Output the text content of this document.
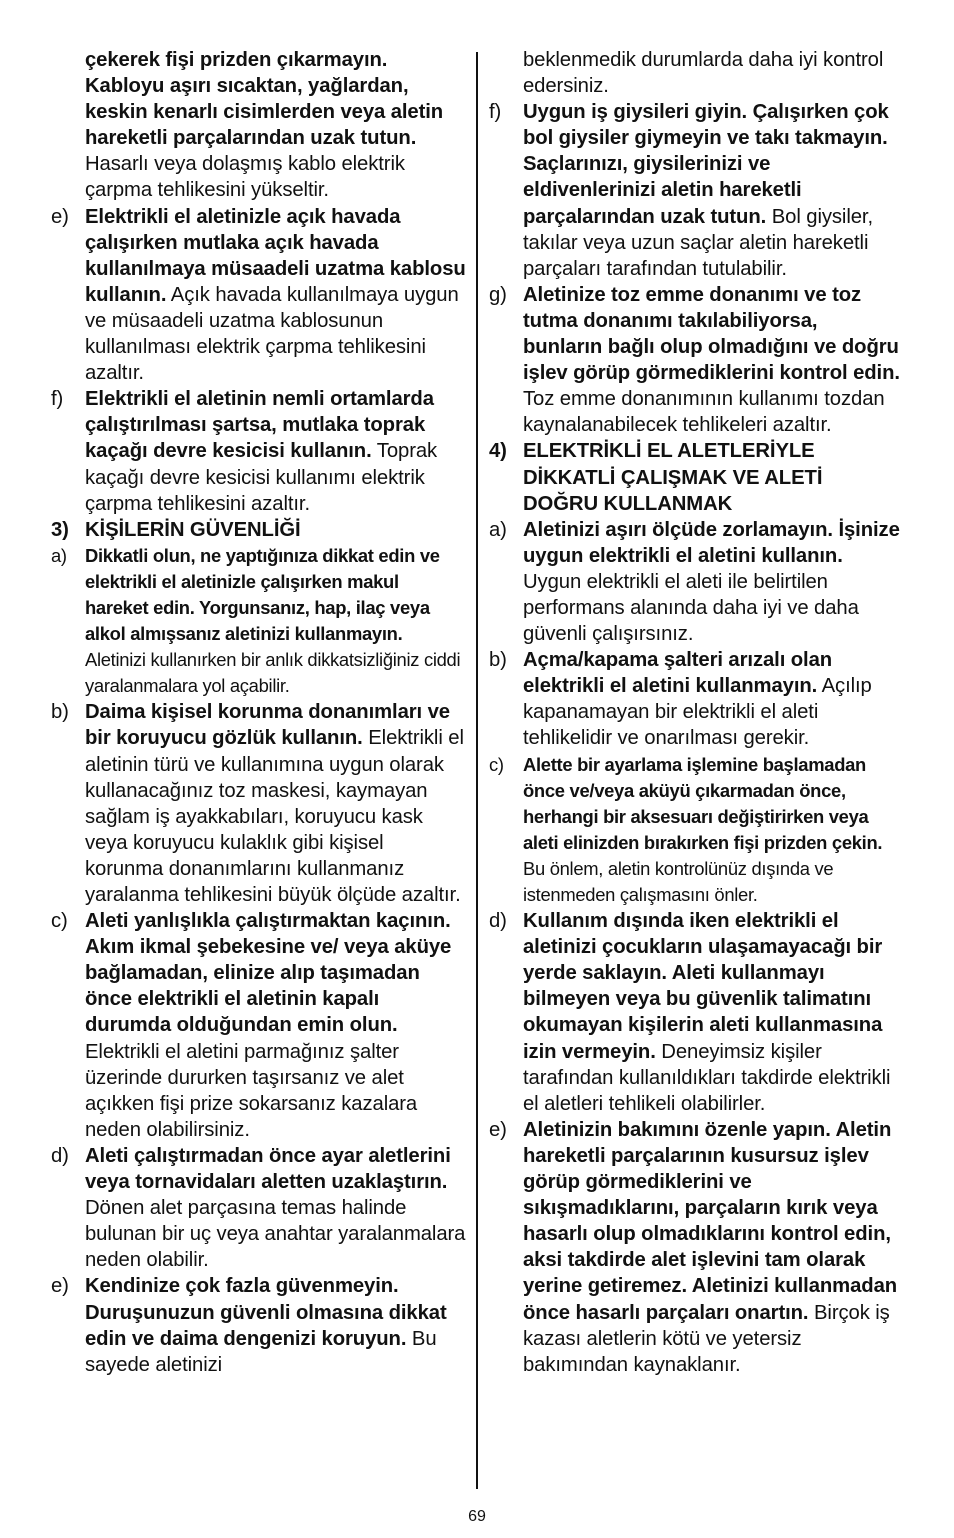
çekerek fişi prizden çıkarmayın. Kabloyu aşırı sıcaktan, yağlardan, keskin kenarlı cisimlerden veya aletin hareketli parçalarından uzak tutun. Hasarlı veya dolaşmış kablo elektrik çarpma tehlikesini yükseltir.
e) Elektrikli el aletinizle açık havada çalışırken mutlaka açık havada kullanılmaya müsaadeli uzatma kablosu kullanın. Açık havada kullanılmaya uygun ve müsaadeli uzatma kablosunun kullanılması elektrik çarpma tehlikesini azaltır.
f) Elektrikli el aletinin nemli ortamlarda çalıştırılması şartsa, mutlaka toprak kaçağı devre kesicisi kullanın. Toprak kaçağı devre kesicisi kullanımı elektrik çarpma tehlikesini azaltır.
3) KİŞİLERİN GÜVENLİĞİ
a) Dikkatli olun, ne yaptığınıza dikkat edin ve elektrikli el aletinizle çalışırken makul hareket edin. Yorgunsanız, hap, ilaç veya alkol almışsanız aletinizi kullanmayın. Aletinizi kullanırken bir anlık dikkatsizliğiniz ciddi yaralanmalara yol açabilir.
b) Daima kişisel korunma donanımları ve bir koruyucu gözlük kullanın. Elektrikli el aletinin türü ve kullanımına uygun olarak kullanacağınız toz maskesi, kaymayan sağlam iş ayakkabıları, koruyucu kask veya koruyucu kulaklık gibi kişisel korunma donanımlarını kullanmanız yaralanma tehlikesini büyük ölçüde azaltır.
c) Aleti yanlışlıkla çalıştırmaktan kaçının. Akım ikmal şebekesine ve/ veya aküye bağlamadan, elinize alıp taşımadan önce elektrikli el aletinin kapalı durumda olduğundan emin olun. Elektrikli el aletini parmağınız şalter üzerinde dururken taşırsanız ve alet açıkken fişi prize sokarsanız kazalara neden olabilirsiniz.
d) Aleti çalıştırmadan önce ayar aletlerini veya tornavidaları aletten uzaklaştırın. Dönen alet parçasına temas halinde bulunan bir uç veya anahtar yaralanmalara neden olabilir.
e) Kendinize çok fazla güvenmeyin. Duruşunuzun güvenli olmasına dikkat edin ve daima dengenizi koruyun. Bu sayede aletinizi
beklenmedik durumlarda daha iyi kontrol edersiniz.
f) Uygun iş giysileri giyin. Çalışırken çok bol giysiler giymeyin ve takı takmayın. Saçlarınızı, giysilerinizi ve eldivenlerinizi aletin hareketli parçalarından uzak tutun. Bol giysiler, takılar veya uzun saçlar aletin hareketli parçaları tarafından tutulabilir.
g) Aletinize toz emme donanımı ve toz tutma donanımı takılabiliyorsa, bunların bağlı olup olmadığını ve doğru işlev görüp görmediklerini kontrol edin. Toz emme donanımının kullanımı tozdan kaynalanabilecek tehlikeleri azaltır.
4) ELEKTRİKLİ EL ALETLERİYLE DİKKATLİ ÇALIŞMAK VE ALETİ DOĞRU KULLANMAK
a) Aletinizi aşırı ölçüde zorlamayın. İşinize uygun elektrikli el aletini kullanın. Uygun elektrikli el aleti ile belirtilen performans alanında daha iyi ve daha güvenli çalışırsınız.
b) Açma/kapama şalteri arızalı olan elektrikli el aletini kullanmayın. Açılıp kapanamayan bir elektrikli el aleti tehlikelidir ve onarılması gerekir.
c) Alette bir ayarlama işlemine başlamadan önce ve/veya aküyü çıkarmadan önce, herhangi bir aksesuarı değiştirirken veya aleti elinizden bırakırken fişi prizden çekin. Bu önlem, aletin kontrolünüz dışında ve istenmeden çalışmasını önler.
d) Kullanım dışında iken elektrikli el aletinizi çocukların ulaşamayacağı bir yerde saklayın. Aleti kullanmayı bilmeyen veya bu güvenlik talimatını okumayan kişilerin aleti kullanmasına izin vermeyin. Deneyimsiz kişiler tarafından kullanıldıkları takdirde elektrikli el aletleri tehlikeli olabilirler.
e) Aletinizin bakımını özenle yapın. Aletin hareketli parçalarının kusursuz işlev görüp görmediklerini ve sıkışmadıklarını, parçaların kırık veya hasarlı olup olmadıklarını kontrol edin, aksi takdirde alet işlevini tam olarak yerine getiremez. Aletinizi kullanmadan önce hasarlı parçaları onartın. Birçok iş kazası aletlerin kötü ve yetersiz bakımından kaynaklanır.
69
